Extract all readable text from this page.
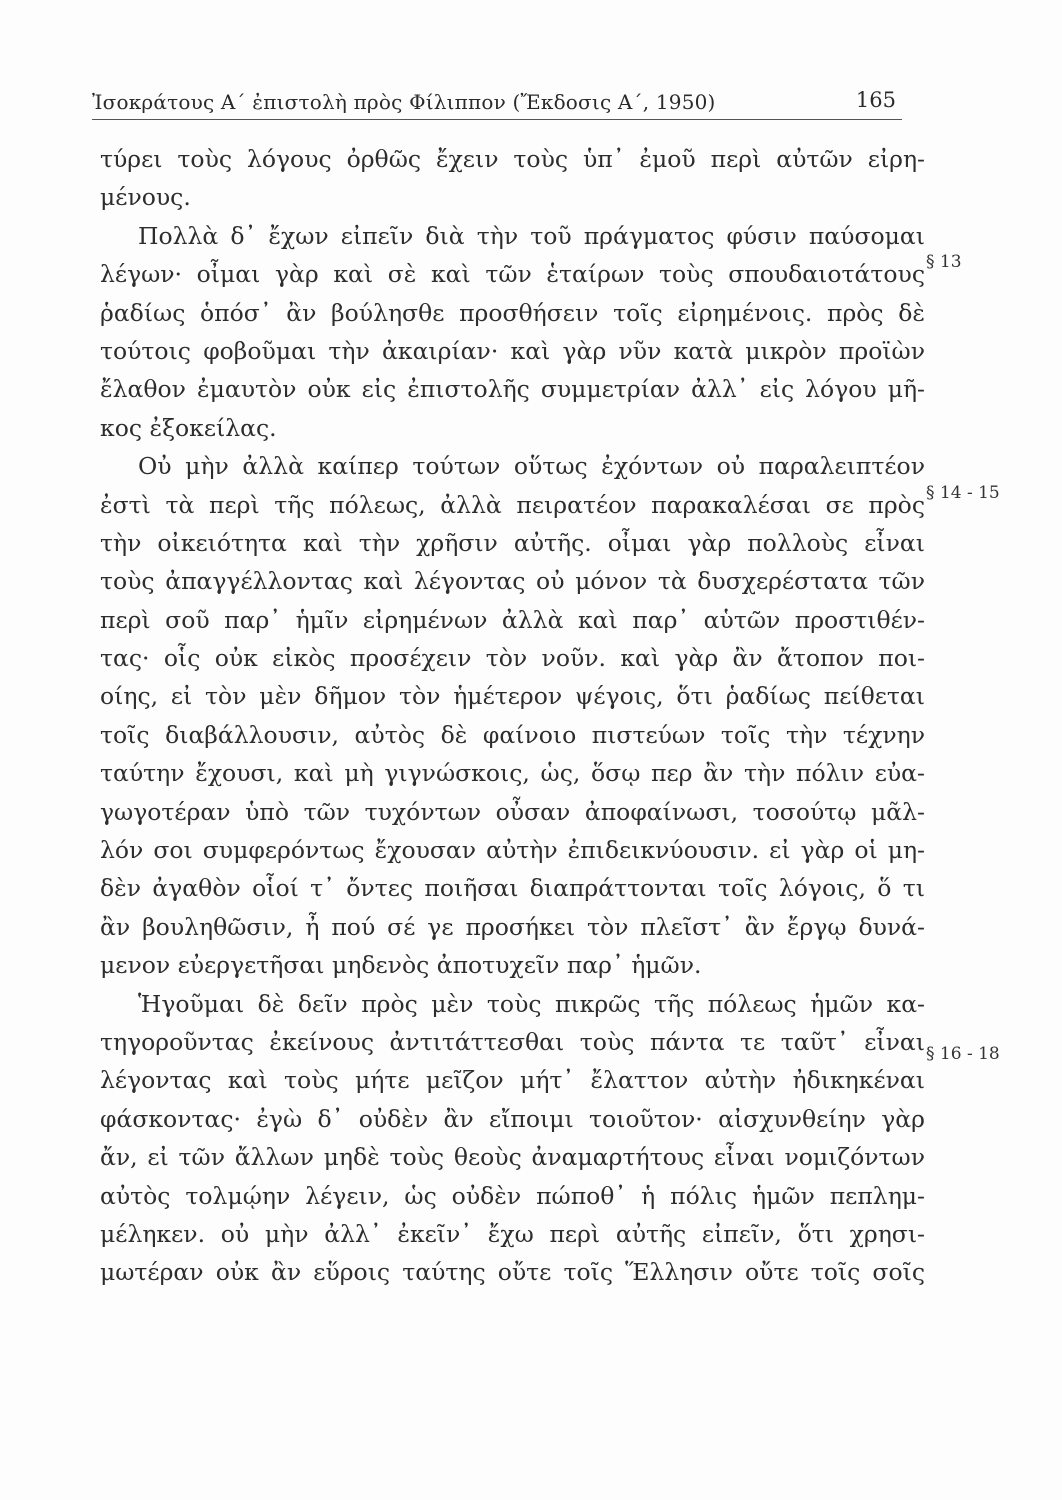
Ἰσοκράτους Α΄ ἐπιστολὴ πρὸς Φίλιππον (Ἔκδοσις Α΄, 1950)	165
τύρει τοὺς λόγους ὀρθῶς ἔχειν τοὺς ὑπ᾽ ἐμοῦ περὶ αὐτῶν εἰρη-
μένους.
Πολλὰ δ᾽ ἔχων εἰπεῖν διὰ τὴν τοῦ πράγματος φύσιν παύσομαι
λέγων· οἶμαι γὰρ καὶ σὲ καὶ τῶν ἑταίρων τοὺς σπουδαιοτάτους
ῥαδίως ὁπόσ᾽ ἂν βούλησθε προσθήσειν τοῖς εἰρημένοις. πρὸς δὲ
τούτοις φοβοῦμαι τὴν ἀκαιρίαν· καὶ γὰρ νῦν κατὰ μικρὸν προϊὼν
ἔλαθον ἐμαυτὸν οὐκ εἰς ἐπιστολῆς συμμετρίαν ἀλλ᾽ εἰς λόγου μῆ-
κος ἐξοκείλας.
Οὐ μὴν ἀλλὰ καίπερ τούτων οὕτως ἐχόντων οὐ παραλειπτέον
ἐστὶ τὰ περὶ τῆς πόλεως, ἀλλὰ πειρατέον παρακαλέσαι σε πρὸς
τὴν οἰκειότητα καὶ τὴν χρῆσιν αὐτῆς. οἶμαι γὰρ πολλοὺς εἶναι
τοὺς ἀπαγγέλλοντας καὶ λέγοντας οὐ μόνον τὰ δυσχερέστατα τῶν
περὶ σοῦ παρ᾽ ἡμῖν εἰρημένων ἀλλὰ καὶ παρ᾽ αὑτῶν προστιθέν-
τας· οἷς οὐκ εἰκὸς προσέχειν τὸν νοῦν. καὶ γὰρ ἂν ἄτοπον ποι-
οίης, εἰ τὸν μὲν δῆμον τὸν ἡμέτερον ψέγοις, ὅτι ῥαδίως πείθεται
τοῖς διαβάλλουσιν, αὐτὸς δὲ φαίνοιο πιστεύων τοῖς τὴν τέχνην
ταύτην ἔχουσι, καὶ μὴ γιγνώσκοις, ὡς, ὅσῳ περ ἂν τὴν πόλιν εὐα-
γωγοτέραν ὑπὸ τῶν τυχόντων οὖσαν ἀποφαίνωσι, τοσούτῳ μᾶλ-
λόν σοι συμφερόντως ἔχουσαν αὐτὴν ἐπιδεικνύουσιν. εἰ γὰρ οἱ μη-
δὲν ἀγαθὸν οἷοί τ᾽ ὄντες ποιῆσαι διαπράττονται τοῖς λόγοις, ὅ τι
ἂν βουληθῶσιν, ἦ πού σέ γε προσήκει τὸν πλεῖστ᾽ ἂν ἔργῳ δυνά-
μενον εὐεργετῆσαι μηδενὸς ἀποτυχεῖν παρ᾽ ἡμῶν.
Ἡγοῦμαι δὲ δεῖν πρὸς μὲν τοὺς πικρῶς τῆς πόλεως ἡμῶν κα-
τηγοροῦντας ἐκείνους ἀντιτάττεσθαι τοὺς πάντα τε ταῦτ᾽ εἶναι
λέγοντας καὶ τοὺς μήτε μεῖζον μήτ᾽ ἔλαττον αὐτὴν ἠδικηκέναι
φάσκοντας· ἐγὼ δ᾽ οὐδὲν ἂν εἴποιμι τοιοῦτον· αἰσχυνθείην γὰρ
ἄν, εἰ τῶν ἄλλων μηδὲ τοὺς θεοὺς ἀναμαρτήτους εἶναι νομιζόντων
αὐτὸς τολμῴην λέγειν, ὡς οὐδὲν πώποθ᾽ ἡ πόλις ἡμῶν πεπλημ-
μέληκεν. οὐ μὴν ἀλλ᾽ ἐκεῖν᾽ ἔχω περὶ αὐτῆς εἰπεῖν, ὅτι χρησι-
μωτέραν οὐκ ἂν εὕροις ταύτης οὔτε τοῖς Ἕλλησιν οὔτε τοῖς σοῖς
§ 13
§ 14 - 15
§ 16 - 18
